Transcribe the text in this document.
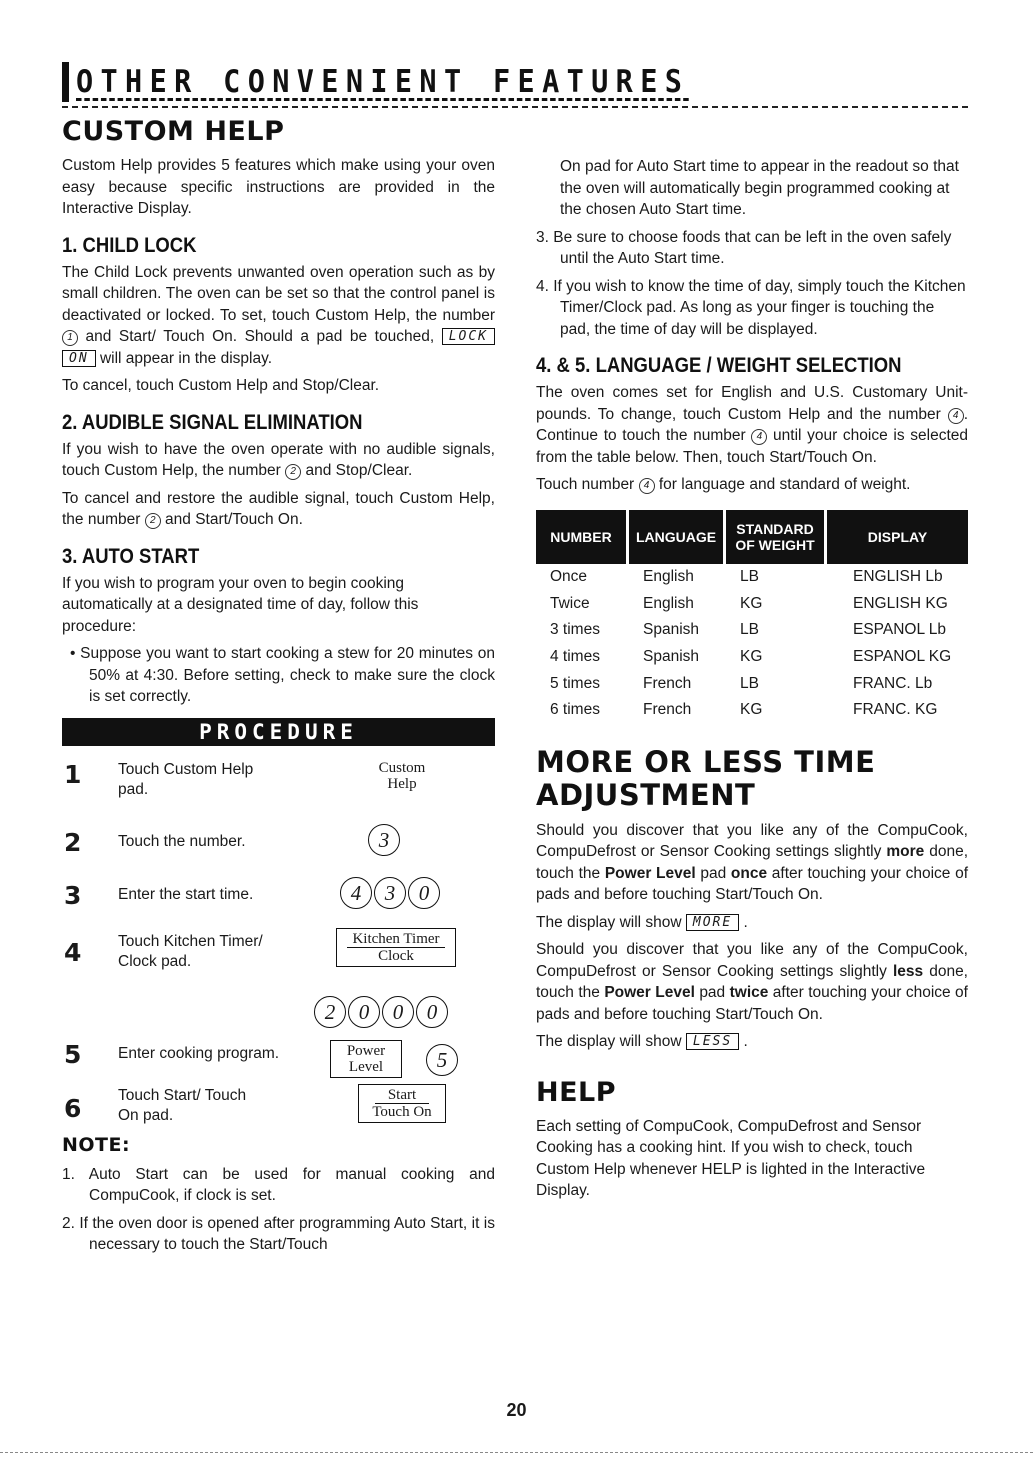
OTHER CONVENIENT FEATURES
CUSTOM HELP

Custom Help provides 5 features which make using your oven easy because specific instructions are provided in the Interactive Display.

1. CHILD LOCK

The Child Lock prevents unwanted oven operation such as by small children. The oven can be set so that the control panel is deactivated or locked. To set, touch Custom Help, the number 1 and Start/ Touch On. Should a pad be touched, LOCK ON will appear in the display.

To cancel, touch Custom Help and Stop/Clear.

2. AUDIBLE SIGNAL ELIMINATION

If you wish to have the oven operate with no audible signals, touch Custom Help, the number 2 and Stop/Clear.

To cancel and restore the audible signal, touch Custom Help, the number 2 and Start/Touch On.

3. AUTO START

If you wish to program your oven to begin cooking automatically at a designated time of day, follow this procedure:

• Suppose you want to start cooking a stew for 20 minutes on 50% at 4:30. Before setting, check to make sure the clock is set correctly.

PROCEDURE
1 Touch Custom Help pad.
Custom Help
2 Touch the number.	3
3 Enter the start time.	4 3 0
4 Touch Kitchen Timer/ Clock pad.
Kitchen Timer
Clock
2 0 0 0
5 Enter cooking program.	Power
Level	5
6 Touch Start/ Touch On pad.
Start
Touch On
NOTE:

1. Auto Start can be used for manual cooking and CompuCook, if clock is set.

2. If the oven door is opened after programming Auto Start, it is necessary to touch the Start/Touch

On pad for Auto Start time to appear in the readout so that the oven will automatically begin programmed cooking at the chosen Auto Start time.

3. Be sure to choose foods that can be left in the oven safely until the Auto Start time.

4. If you wish to know the time of day, simply touch the Kitchen Timer/Clock pad. As long as your finger is touching the pad, the time of day will be displayed.

4. & 5. LANGUAGE / WEIGHT SELECTION

The oven comes set for English and U.S. Customary Unit-pounds. To change, touch Custom Help and the number 4 . Continue to touch the number 4 until your choice is selected from the table below. Then, touch Start/Touch On.

Touch number 4 for language and standard of weight.

NUMBER	LANGUAGE	STANDARD OF WEIGHT	DISPLAY
Once	English	LB	ENGLISH Lb
Twice	English	KG	ENGLISH KG
3 times	Spanish	LB	ESPANOL Lb
4 times	Spanish	KG	ESPANOL KG
5 times	French	LB	FRANC. Lb
6 times	French	KG	FRANC. KG
MORE OR LESS TIME ADJUSTMENT

Should you discover that you like any of the CompuCook, CompuDefrost or Sensor Cooking settings slightly more done, touch the Power Level pad once after touching your choice of pads and before touching Start/Touch On.

The display will show MORE .

Should you discover that you like any of the CompuCook, CompuDefrost or Sensor Cooking settings slightly less done, touch the Power Level pad twice after touching your choice of pads and before touching Start/Touch On.

The display will show LESS .

HELP

Each setting of CompuCook, CompuDefrost and Sensor Cooking has a cooking hint. If you wish to check, touch Custom Help whenever HELP is lighted in the Interactive Display.

20
